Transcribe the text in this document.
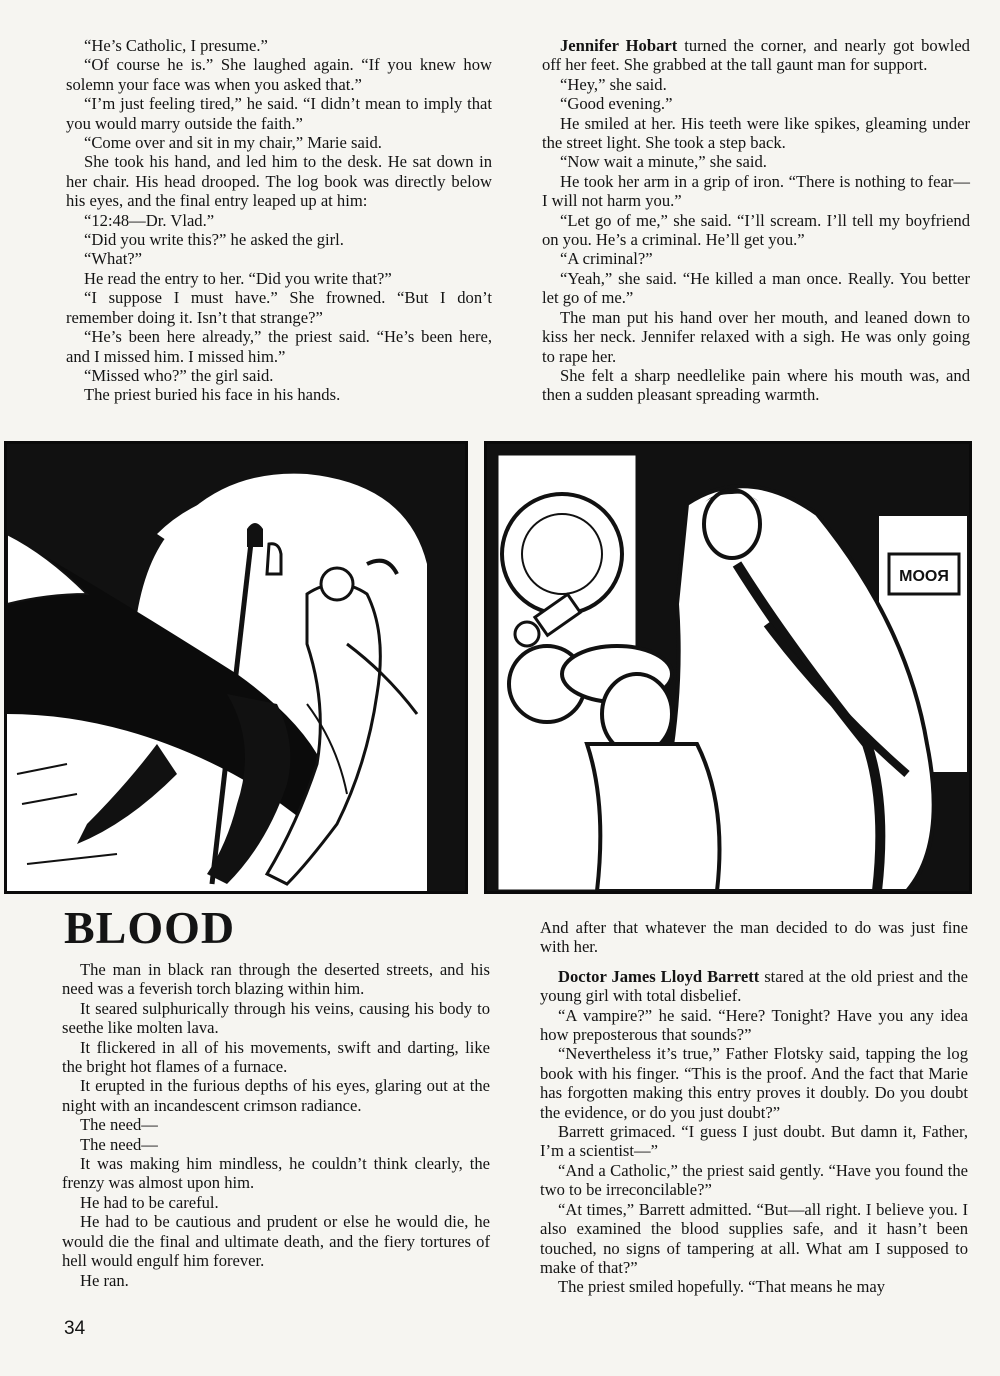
“He’s Catholic, I presume.”

“Of course he is.” She laughed again. “If you knew how solemn your face was when you asked that.”

“I’m just feeling tired,” he said. “I didn’t mean to imply that you would marry outside the faith.”

“Come over and sit in my chair,” Marie said.

She took his hand, and led him to the desk. He sat down in her chair. His head drooped. The log book was directly below his eyes, and the final entry leaped up at him:

“12:48—Dr. Vlad.”

“Did you write this?” he asked the girl.

“What?”

He read the entry to her. “Did you write that?”

“I suppose I must have.” She frowned. “But I don’t remember doing it. Isn’t that strange?”

“He’s been here already,” the priest said. “He’s been here, and I missed him. I missed him.”

“Missed who?” the girl said.

The priest buried his face in his hands.

Jennifer Hobart turned the corner, and nearly got bowled off her feet. She grabbed at the tall gaunt man for support.

“Hey,” she said.

“Good evening.”

He smiled at her. His teeth were like spikes, gleaming under the street light. She took a step back.

“Now wait a minute,” she said.

He took her arm in a grip of iron. “There is nothing to fear—I will not harm you.”

“Let go of me,” she said. “I’ll scream. I’ll tell my boyfriend on you. He’s a criminal. He’ll get you.”

“A criminal?”

“Yeah,” she said. “He killed a man once. Really. You better let go of me.”

The man put his hand over her mouth, and leaned down to kiss her neck. Jennifer relaxed with a sigh. He was only going to rape her.

She felt a sharp needlelike pain where his mouth was, and then a sudden pleasant spreading warmth.

MOOЯ
BLOOD

The man in black ran through the deserted streets, and his need was a feverish torch blazing within him.

It seared sulphurically through his veins, causing his body to seethe like molten lava.

It flickered in all of his movements, swift and darting, like the bright hot flames of a furnace.

It erupted in the furious depths of his eyes, glaring out at the night with an incandescent crimson radiance.

The need—

The need—

It was making him mindless, he couldn’t think clearly, the frenzy was almost upon him.

He had to be careful.

He had to be cautious and prudent or else he would die, he would die the final and ultimate death, and the fiery tortures of hell would engulf him forever.

He ran.

And after that whatever the man decided to do was just fine with her.

Doctor James Lloyd Barrett stared at the old priest and the young girl with total disbelief.

“A vampire?” he said. “Here? Tonight? Have you any idea how preposterous that sounds?”

“Nevertheless it’s true,” Father Flotsky said, tapping the log book with his finger. “This is the proof. And the fact that Marie has forgotten making this entry proves it doubly. Do you doubt the evidence, or do you just doubt?”

Barrett grimaced. “I guess I just doubt. But damn it, Father, I’m a scientist—”

“And a Catholic,” the priest said gently. “Have you found the two to be irreconcilable?”

“At times,” Barrett admitted. “But—all right. I believe you. I also examined the blood supplies safe, and it hasn’t been touched, no signs of tampering at all. What am I supposed to make of that?”

The priest smiled hopefully. “That means he may

34
